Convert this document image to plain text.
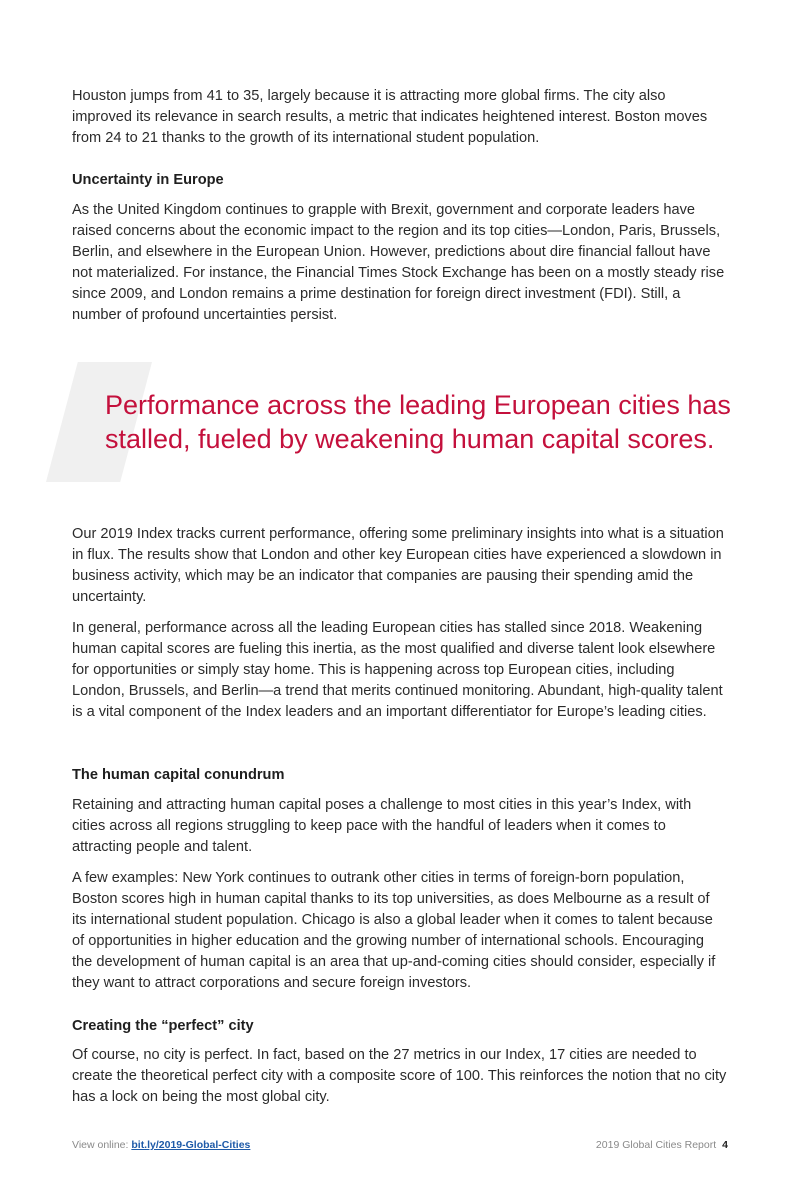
Houston jumps from 41 to 35, largely because it is attracting more global firms. The city also improved its relevance in search results, a metric that indicates heightened interest. Boston moves from 24 to 21 thanks to the growth of its international student population.

Uncertainty in Europe

As the United Kingdom continues to grapple with Brexit, government and corporate leaders have raised concerns about the economic impact to the region and its top cities—London, Paris, Brussels, Berlin, and elsewhere in the European Union. However, predictions about dire financial fallout have not materialized. For instance, the Financial Times Stock Exchange has been on a mostly steady rise since 2009, and London remains a prime destination for foreign direct investment (FDI). Still, a number of profound uncertainties persist.

Our 2019 Index tracks current performance, offering some preliminary insights into what is a situation in flux. The results show that London and other key European cities have experienced a slowdown in business activity, which may be an indicator that companies are pausing their spending amid the uncertainty.

In general, performance across all the leading European cities has stalled since 2018. Weakening human capital scores are fueling this inertia, as the most qualified and diverse talent look elsewhere for opportunities or simply stay home. This is happening across top European cities, including London, Brussels, and Berlin—a trend that merits continued monitoring. Abundant, high-quality talent is a vital component of the Index leaders and an important differentiator for Europe’s leading cities.

The human capital conundrum

Retaining and attracting human capital poses a challenge to most cities in this year’s Index, with cities across all regions struggling to keep pace with the handful of leaders when it comes to attracting people and talent.

A few examples: New York continues to outrank other cities in terms of foreign-born population, Boston scores high in human capital thanks to its top universities, as does Melbourne as a result of its international student population. Chicago is also a global leader when it comes to talent because of opportunities in higher education and the growing number of international schools. Encouraging the development of human capital is an area that up-and-coming cities should consider, especially if they want to attract corporations and secure foreign investors.

Creating the “perfect” city

Of course, no city is perfect. In fact, based on the 27 metrics in our Index, 17 cities are needed to create the theoretical perfect city with a composite score of 100. This reinforces the notion that no city has a lock on being the most global city.

Performance across the leading European cities has stalled, fueled by weakening human capital scores.
View online: bit.ly/2019-Global-Cities	2019 Global Cities Report 4
